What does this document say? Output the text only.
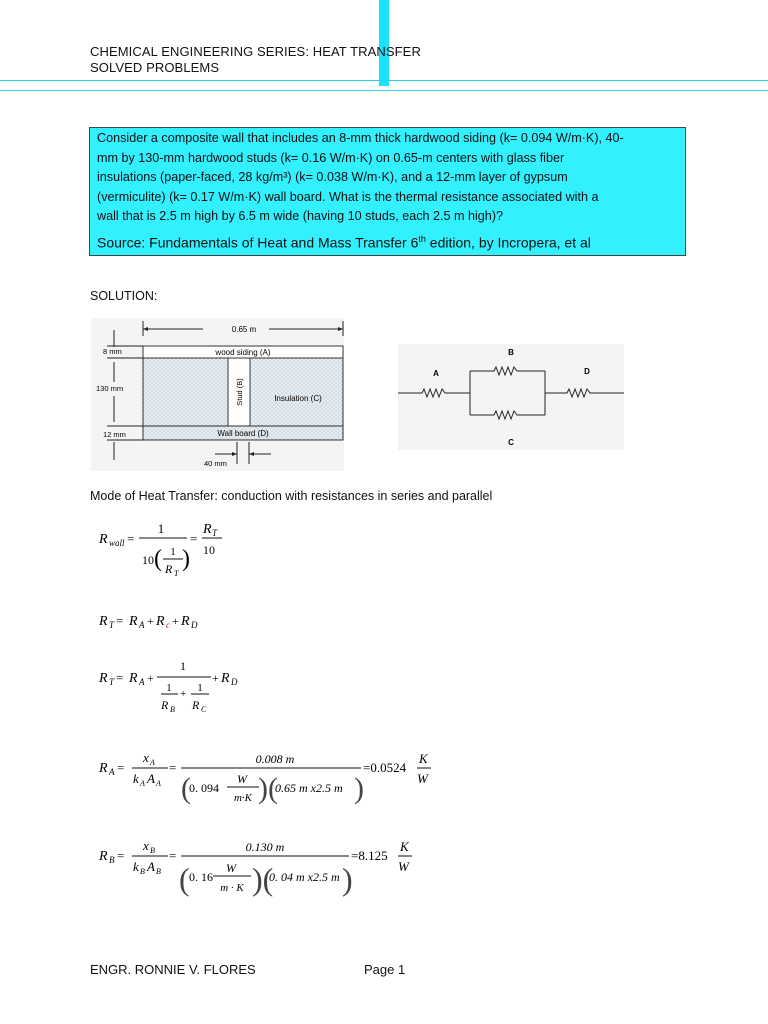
CHEMICAL ENGINEERING SERIES: HEAT TRANSFER
SOLVED PROBLEMS
Consider a composite wall that includes an 8-mm thick hardwood siding (k= 0.094 W/m·K), 40-
mm by 130-mm hardwood studs (k= 0.16 W/m·K) on 0.65-m centers with glass fiber
insulations (paper-faced, 28 kg/m³) (k= 0.038 W/m·K), and a 12-mm layer of gypsum
(vermiculite) (k= 0.17 W/m·K) wall board. What is the thermal resistance associated with a
wall that is 2.5 m high by 6.5 m wide (having 10 studs, each 2.5 m high)?
Source: Fundamentals of Heat and Mass Transfer 6th edition, by Incropera, et al
SOLUTION:
0.65 m
8 mm
130 mm
12 mm
wood siding (A)
Stud (B)	Insulation (C)
Wall board (D)
40 mm
A
B
C
D
Mode of Heat Transfer: conduction with resistances in series and parallel
R wall =
1
10 ( 1
R T
)
=
R T
10
R T = R A + R c + R D
R T = R A +
1
1
R B
+ 1
R C
+ R D
R A =
x A
k A A A
=
0.008 m
(
0. 094
W
m·K )(
0.65 m x2.5 m )
=0.0524
K
W
R B =
x B
k B A B
=
0.130 m
( 0. 16
W
m · K )(
0. 04 m x2.5 m )
=8.125
K
W
ENGR. RONNIE V. FLORES	Page 1
